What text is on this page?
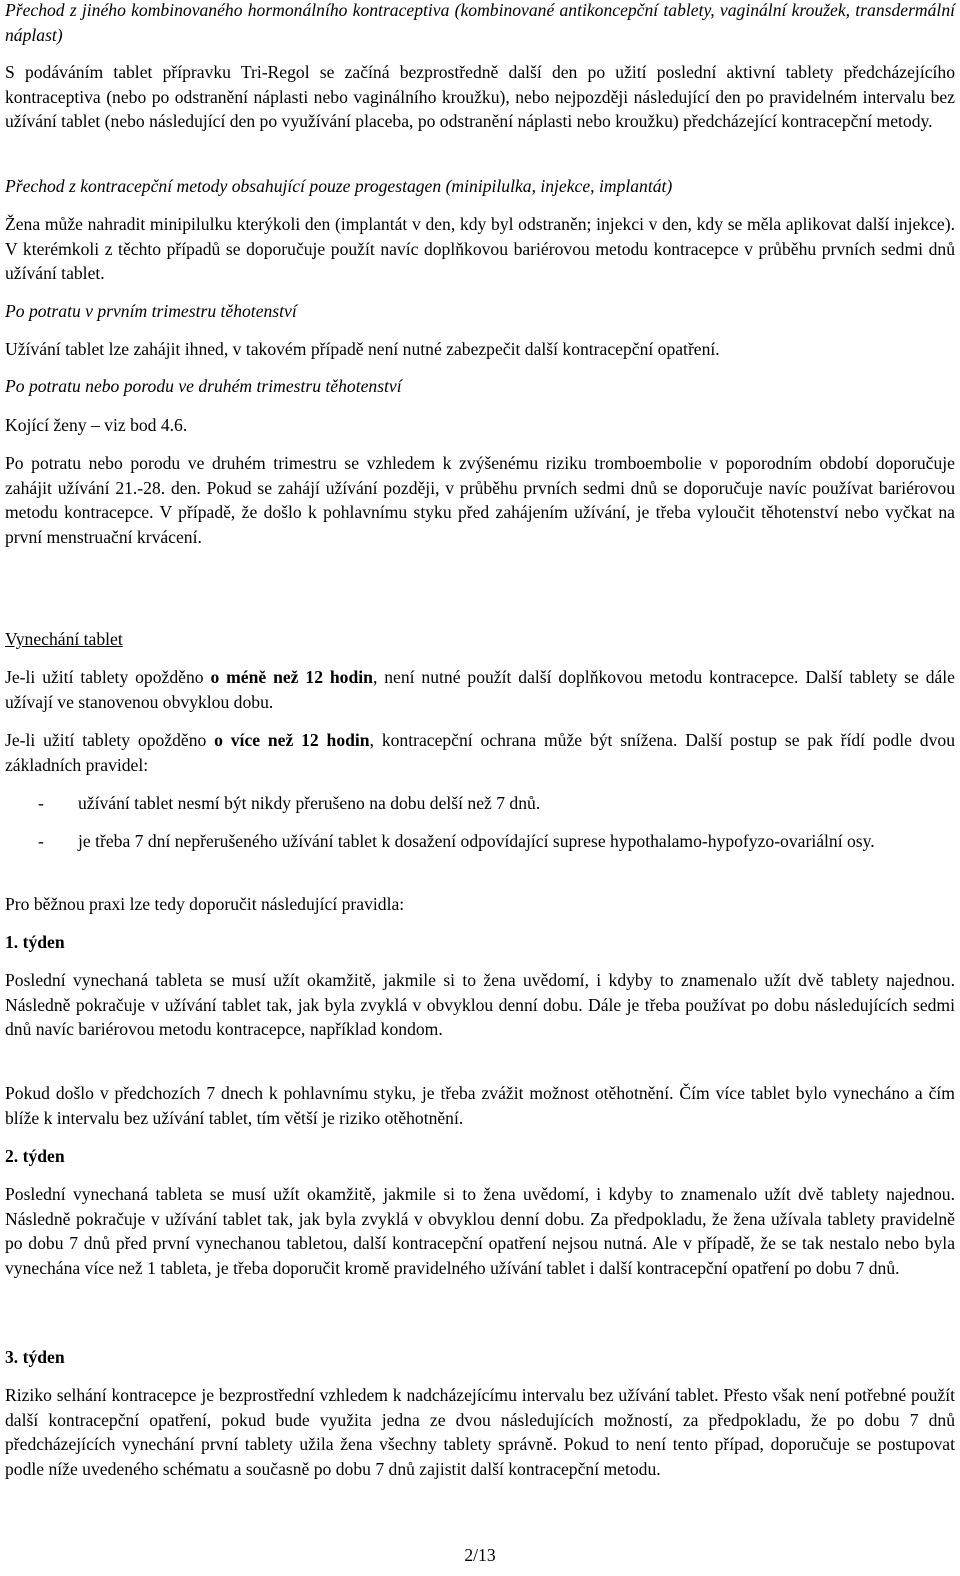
Přechod z jiného kombinovaného hormonálního kontraceptiva (kombinované antikoncepční tablety, vaginální kroužek, transdermální náplast)

S podáváním tablet přípravku Tri-Regol se začíná bezprostředně další den po užití poslední aktivní tablety předcházejícího kontraceptiva (nebo po odstranění náplasti nebo vaginálního kroužku), nebo nejpozději následující den po pravidelném intervalu bez užívání tablet (nebo následující den po využívání placeba, po odstranění náplasti nebo kroužku) předcházející kontracepční metody.

Přechod z kontracepční metody obsahující pouze progestagen (minipilulka, injekce, implantát)

Žena může nahradit minipilulku kterýkoli den (implantát v den, kdy byl odstraněn; injekci v den, kdy se měla aplikovat další injekce). V kterémkoli z těchto případů se doporučuje použít navíc doplňkovou bariérovou metodu kontracepce v průběhu prvních sedmi dnů užívání tablet.

Po potratu v prvním trimestru těhotenství

Užívání tablet lze zahájit ihned, v takovém případě není nutné zabezpečit další kontracepční opatření.

Po potratu nebo porodu ve druhém trimestru těhotenství

Kojící ženy – viz bod 4.6.

Po potratu nebo porodu ve druhém trimestru se vzhledem k zvýšenému riziku tromboembolie v poporodním období doporučuje zahájit užívání 21.-28. den. Pokud se zahájí užívání později, v průběhu prvních sedmi dnů se doporučuje navíc používat bariérovou metodu kontracepce. V případě, že došlo k pohlavnímu styku před zahájením užívání, je třeba vyloučit těhotenství nebo vyčkat na první menstruační krvácení.

Vynechání tablet

Je-li užití tablety opožděno o méně než 12 hodin, není nutné použít další doplňkovou metodu kontracepce. Další tablety se dále užívají ve stanovenou obvyklou dobu.

Je-li užití tablety opožděno o více než 12 hodin, kontracepční ochrana může být snížena. Další postup se pak řídí podle dvou základních pravidel:

- užívání tablet nesmí být nikdy přerušeno na dobu delší než 7 dnů.

- je třeba 7 dní nepřerušeného užívání tablet k dosažení odpovídající suprese hypothalamo-hypofyzo-ovariální osy.

Pro běžnou praxi lze tedy doporučit následující pravidla:

1. týden

Poslední vynechaná tableta se musí užít okamžitě, jakmile si to žena uvědomí, i kdyby to znamenalo užít dvě tablety najednou. Následně pokračuje v užívání tablet tak, jak byla zvyklá v obvyklou denní dobu. Dále je třeba používat po dobu následujících sedmi dnů navíc bariérovou metodu kontracepce, například kondom.

Pokud došlo v předchozích 7 dnech k pohlavnímu styku, je třeba zvážit možnost otěhotnění. Čím více tablet bylo vynecháno a čím blíže k intervalu bez užívání tablet, tím větší je riziko otěhotnění.

2. týden

Poslední vynechaná tableta se musí užít okamžitě, jakmile si to žena uvědomí, i kdyby to znamenalo užít dvě tablety najednou. Následně pokračuje v užívání tablet tak, jak byla zvyklá v obvyklou denní dobu. Za předpokladu, že žena užívala tablety pravidelně po dobu 7 dnů před první vynechanou tabletou, další kontracepční opatření nejsou nutná. Ale v případě, že se tak nestalo nebo byla vynechána více než 1 tableta, je třeba doporučit kromě pravidelného užívání tablet i další kontracepční opatření po dobu 7 dnů.

3. týden

Riziko selhání kontracepce je bezprostřední vzhledem k nadcházejícímu intervalu bez užívání tablet. Přesto však není potřebné použít další kontracepční opatření, pokud bude využita jedna ze dvou následujících možností, za předpokladu, že po dobu 7 dnů předcházejících vynechání první tablety užila žena všechny tablety správně. Pokud to není tento případ, doporučuje se postupovat podle níže uvedeného schématu a současně po dobu 7 dnů zajistit další kontracepční metodu.

2/13
